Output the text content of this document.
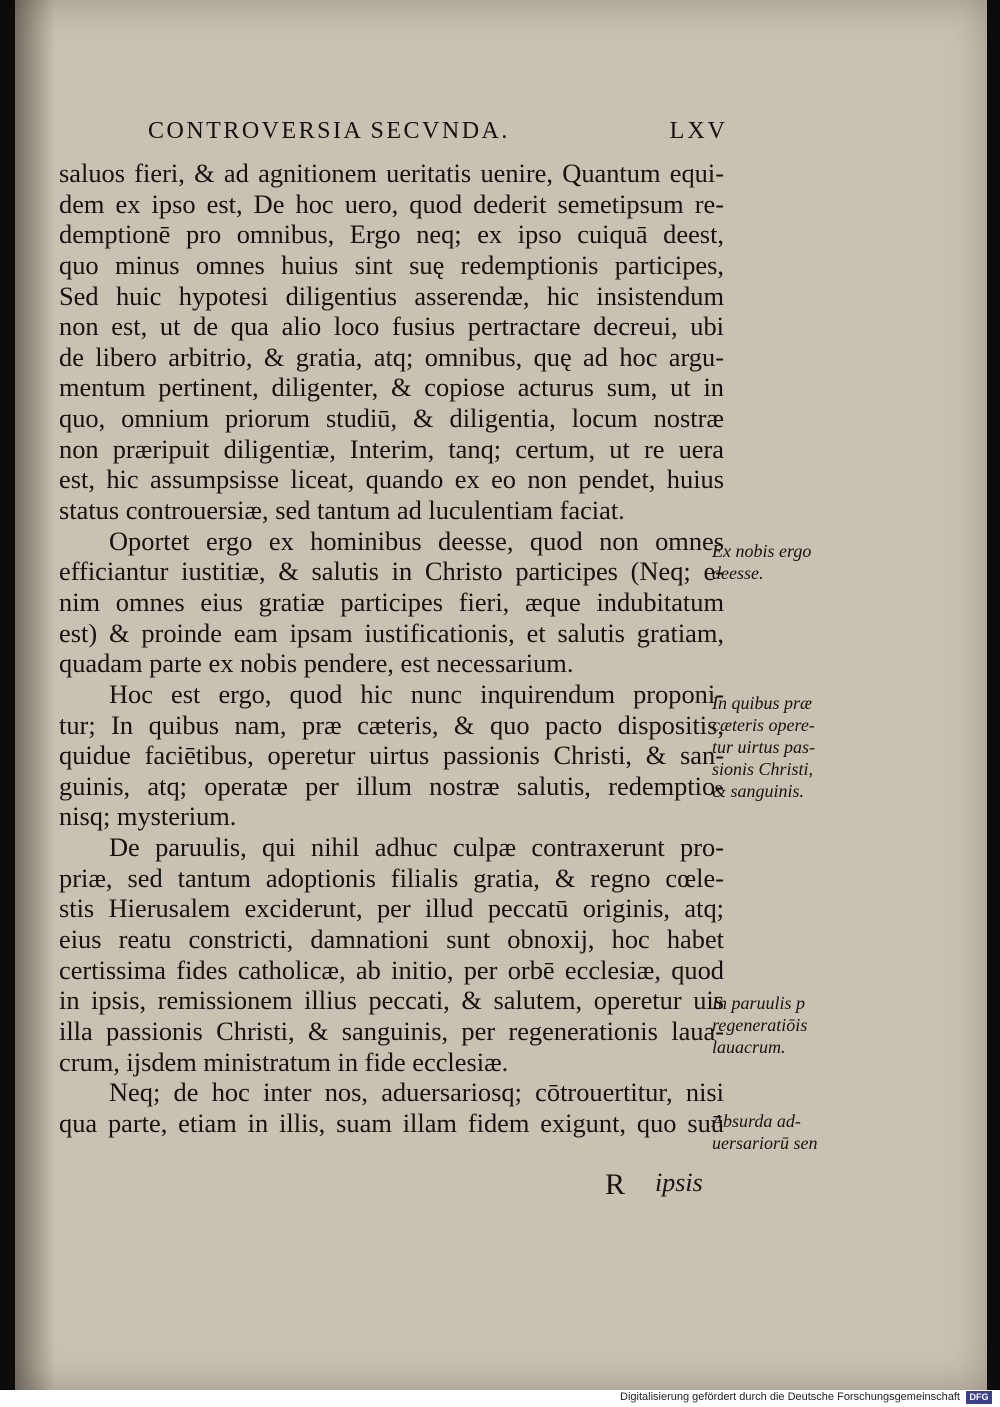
CONTROVERSIA SECVNDA.	LXV
saluos fieri, & ad agnitionem ueritatis uenire, Quantum equi-
dem ex ipso est, De hoc uero, quod dederit semetipsum re-
demptionē pro omnibus, Ergo neq; ex ipso cuiquā deest,
quo minus omnes huius sint suę redemptionis participes,
Sed huic hypotesi diligentius asserendæ, hic insistendum
non est, ut de qua alio loco fusius pertractare decreui, ubi
de libero arbitrio, & gratia, atq; omnibus, quę ad hoc argu-
mentum pertinent, diligenter, & copiose acturus sum, ut in
quo, omnium priorum studiū, & diligentia, locum nostræ
non præripuit diligentiæ, Interim, tanq; certum, ut re uera
est, hic assumpsisse liceat, quando ex eo non pendet, huius
status controuersiæ, sed tantum ad luculentiam faciat.
Oportet ergo ex hominibus deesse, quod non omnes
efficiantur iustitiæ, & salutis in Christo participes (Neq; e-
nim omnes eius gratiæ participes fieri, æque indubitatum
est) & proinde eam ipsam iustificationis, et salutis gratiam,
quadam parte ex nobis pendere, est necessarium.
Hoc est ergo, quod hic nunc inquirendum proponi-
tur; In quibus nam, præ cæteris, & quo pacto dispositis,
quidue faciētibus, operetur uirtus passionis Christi, & san-
guinis, atq; operatæ per illum nostræ salutis, redemptio-
nisq; mysterium.
De paruulis, qui nihil adhuc culpæ contraxerunt pro-
priæ, sed tantum adoptionis filialis gratia, & regno cœle-
stis Hierusalem exciderunt, per illud peccatū originis, atq;
eius reatu constricti, damnationi sunt obnoxij, hoc habet
certissima fides catholicæ, ab initio, per orbē ecclesiæ, quod
in ipsis, remissionem illius peccati, & salutem, operetur uis
illa passionis Christi, & sanguinis, per regenerationis laua-
crum, ijsdem ministratum in fide ecclesiæ.
Neq; de hoc inter nos, aduersariosq; cōtrouertitur, nisi
qua parte, etiam in illis, suam illam fidem exigunt, quo suū
Ex nobis ergo
deesse.
In quibus præ
cæteris opere-
tur uirtus pas-
sionis Christi,
& sanguinis.
In paruulis p
regeneratiōis
lauacrum.
Absurda ad-
uersariorū sen
R ipsis
Digitalisierung gefördert durch die Deutsche Forschungsgemeinschaft	DFG
